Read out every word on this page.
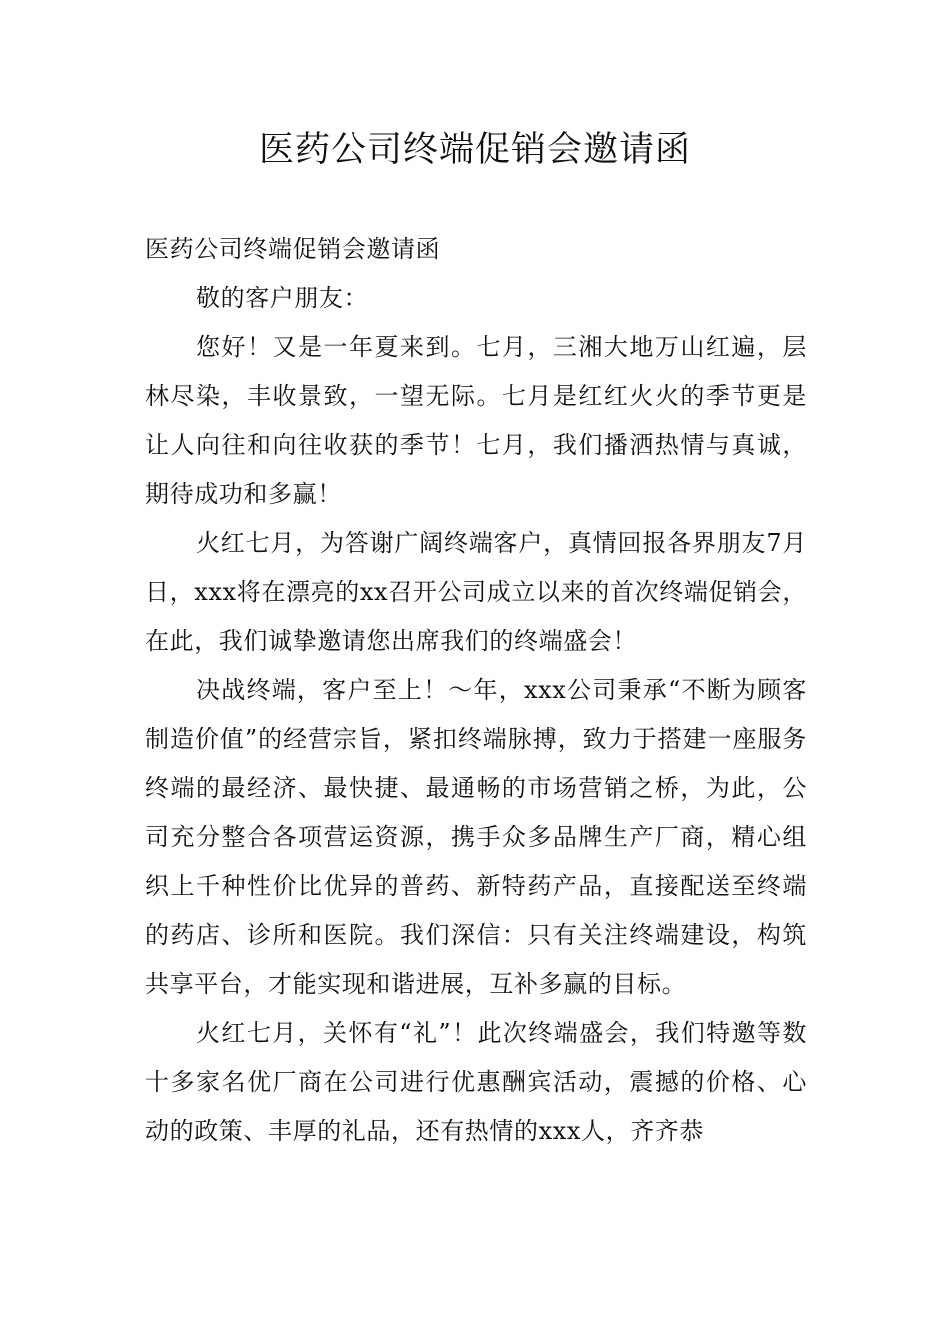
医药公司终端促销会邀请函

医药公司终端促销会邀请函

敬的客户朋友：

您好！又是一年夏来到。七月，三湘大地万山红遍，层林尽染，丰收景致，一望无际。七月是红红火火的季节更是让人向往和向往收获的季节！七月，我们播洒热情与真诚，期待成功和多赢！

火红七月，为答谢广阔终端客户，真情回报各界朋友7月日，xxx将在漂亮的xx召开公司成立以来的首次终端促销会，在此，我们诚挚邀请您出席我们的终端盛会！

决战终端，客户至上！～年，xxx公司秉承“不断为顾客制造价值”的经营宗旨，紧扣终端脉搏，致力于搭建一座服务终端的最经济、最快捷、最通畅的市场营销之桥，为此，公司充分整合各项营运资源，携手众多品牌生产厂商，精心组织上千种性价比优异的普药、新特药产品，直接配送至终端的药店、诊所和医院。我们深信：只有关注终端建设，构筑共享平台，才能实现和谐进展，互补多赢的目标。

火红七月，关怀有“礼”！此次终端盛会，我们特邀等数十多家名优厂商在公司进行优惠酬宾活动，震撼的价格、心动的政策、丰厚的礼品，还有热情的xxx人，齐齐恭
